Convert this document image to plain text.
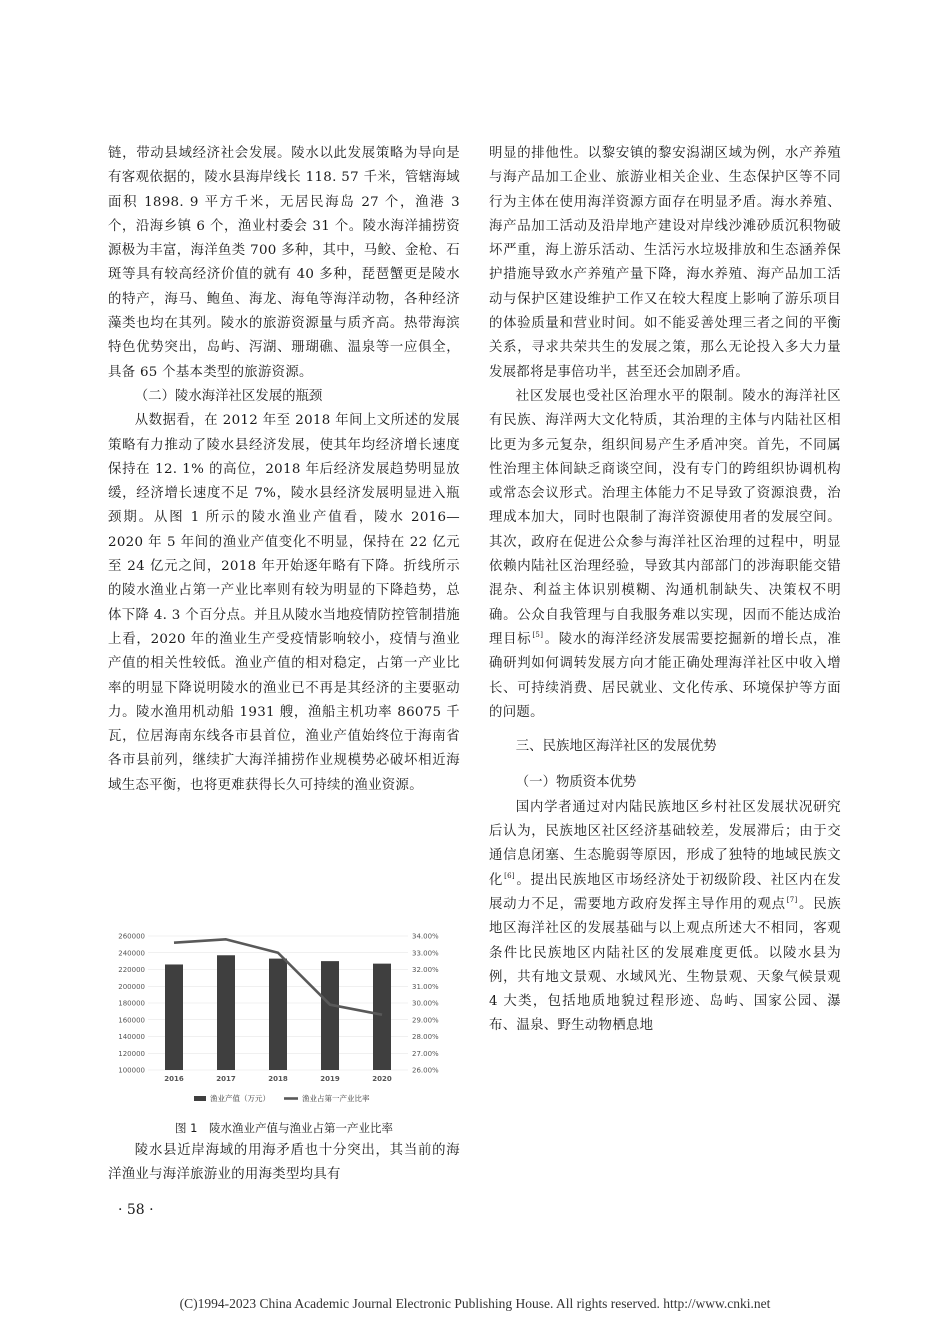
链，带动县域经济社会发展。陵水以此发展策略为导向是有客观依据的，陵水县海岸线长 118. 57 千米，管辖海域面积 1898. 9 平方千米，无居民海岛 27 个，渔港 3 个，沿海乡镇 6 个，渔业村委会 31 个。陵水海洋捕捞资源极为丰富，海洋鱼类 700 多种，其中，马鲛、金枪、石斑等具有较高经济价值的就有 40 多种，琵琶蟹更是陵水的特产，海马、鲍鱼、海龙、海龟等海洋动物，各种经济藻类也均在其列。陵水的旅游资源量与质齐高。热带海滨特色优势突出，岛屿、泻湖、珊瑚礁、温泉等一应俱全，具备 65 个基本类型的旅游资源。

（二）陵水海洋社区发展的瓶颈

从数据看，在 2012 年至 2018 年间上文所述的发展策略有力推动了陵水县经济发展，使其年均经济增长速度保持在 12. 1% 的高位，2018 年后经济发展趋势明显放缓，经济增长速度不足 7%，陵水县经济发展明显进入瓶颈期。从图 1 所示的陵水渔业产值看，陵水 2016—2020 年 5 年间的渔业产值变化不明显，保持在 22 亿元至 24 亿元之间，2018 年开始逐年略有下降。折线所示的陵水渔业占第一产业比率则有较为明显的下降趋势，总体下降 4. 3 个百分点。并且从陵水当地疫情防控管制措施上看，2020 年的渔业生产受疫情影响较小，疫情与渔业产值的相关性较低。渔业产值的相对稳定，占第一产业比率的明显下降说明陵水的渔业已不再是其经济的主要驱动力。陵水渔用机动船 1931 艘，渔船主机功率 86075 千瓦，位居海南东线各市县首位，渔业产值始终位于海南省各市县前列，继续扩大海洋捕捞作业规模势必破坏相近海域生态平衡，也将更难获得长久可持续的渔业资源。

260000	34.00%
240000	33.00%
220000	32.00%
200000	31.00%
180000	30.00%
160000	29.00%
140000	28.00%
120000	27.00%
100000	26.00%
2016	2017	2018	2019	2020
渔业产值（万元）	渔业占第一产业比率

图 1　陵水渔业产值与渔业占第一产业比率

陵水县近岸海域的用海矛盾也十分突出，其当前的海洋渔业与海洋旅游业的用海类型均具有

明显的排他性。以黎安镇的黎安潟湖区域为例，水产养殖与海产品加工企业、旅游业相关企业、生态保护区等不同行为主体在使用海洋资源方面存在明显矛盾。海水养殖、海产品加工活动及沿岸地产建设对岸线沙滩砂质沉积物破坏严重，海上游乐活动、生活污水垃圾排放和生态涵养保护措施导致水产养殖产量下降，海水养殖、海产品加工活动与保护区建设维护工作又在较大程度上影响了游乐项目的体验质量和营业时间。如不能妥善处理三者之间的平衡关系，寻求共荣共生的发展之策，那么无论投入多大力量发展都将是事倍功半，甚至还会加剧矛盾。

社区发展也受社区治理水平的限制。陵水的海洋社区有民族、海洋两大文化特质，其治理的主体与内陆社区相比更为多元复杂，组织间易产生矛盾冲突。首先，不同属性治理主体间缺乏商谈空间，没有专门的跨组织协调机构或常态会议形式。治理主体能力不足导致了资源浪费，治理成本加大，同时也限制了海洋资源使用者的发展空间。其次，政府在促进公众参与海洋社区治理的过程中，明显依赖内陆社区治理经验，导致其内部部门的涉海职能交错混杂、利益主体识别模糊、沟通机制缺失、决策权不明确。公众自我管理与自我服务难以实现，因而不能达成治理目标[5]。陵水的海洋经济发展需要挖掘新的增长点，准确研判如何调转发展方向才能正确处理海洋社区中收入增长、可持续消费、居民就业、文化传承、环境保护等方面的问题。

三、民族地区海洋社区的发展优势

（一）物质资本优势

国内学者通过对内陆民族地区乡村社区发展状况研究后认为，民族地区社区经济基础较差，发展滞后；由于交通信息闭塞、生态脆弱等原因，形成了独特的地域民族文化[6]。提出民族地区市场经济处于初级阶段、社区内在发展动力不足，需要地方政府发挥主导作用的观点[7]。民族地区海洋社区的发展基础与以上观点所述大不相同，客观条件比民族地区内陆社区的发展难度更低。以陵水县为例，共有地文景观、水域风光、生物景观、天象气候景观 4 大类，包括地质地貌过程形迹、岛屿、国家公园、瀑布、温泉、野生动物栖息地

· 58 ·
(C)1994-2023 China Academic Journal Electronic Publishing House. All rights reserved. http://www.cnki.net
